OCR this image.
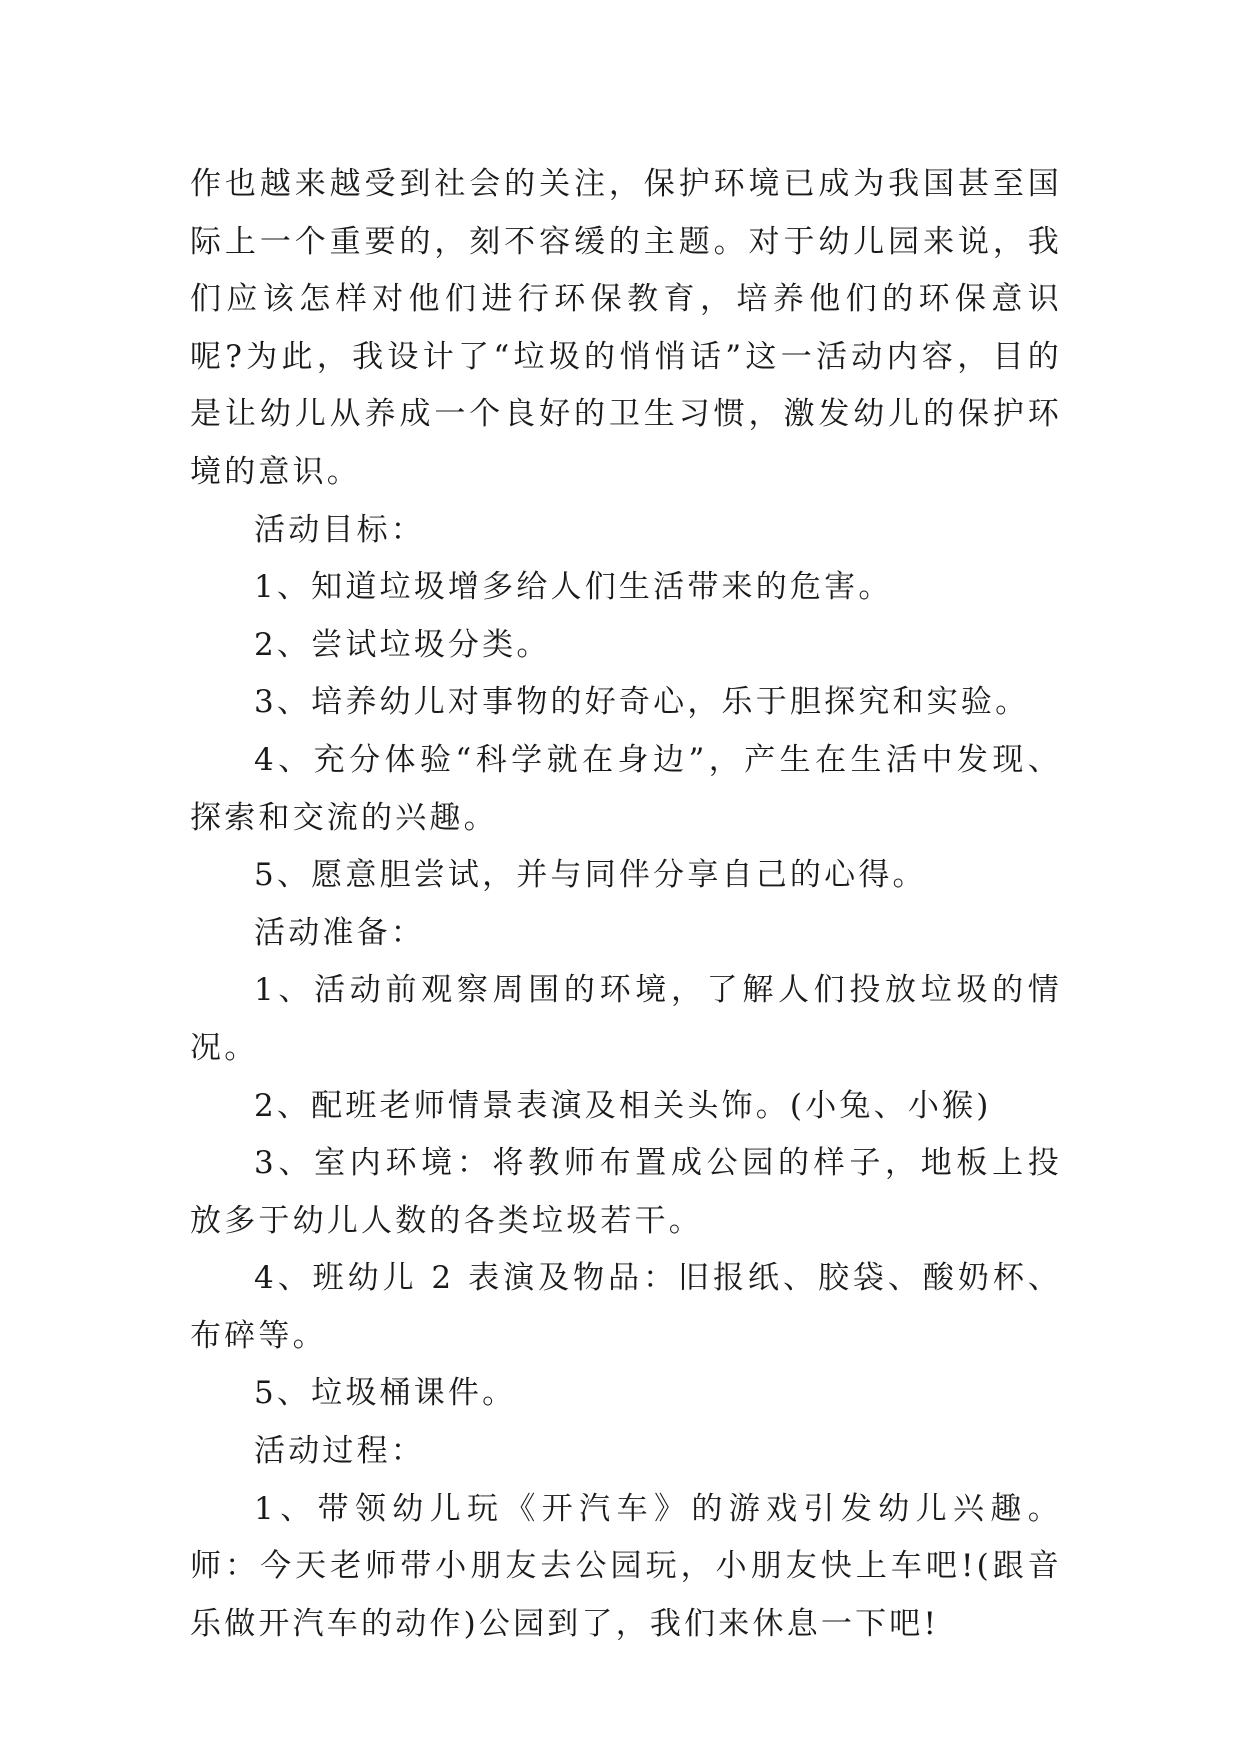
作也越来越受到社会的关注，保护环境已成为我国甚至国际上一个重要的，刻不容缓的主题。对于幼儿园来说，我们应该怎样对他们进行环保教育，培养他们的环保意识呢?为此，我设计了“垃圾的悄悄话”这一活动内容，目的是让幼儿从养成一个良好的卫生习惯，激发幼儿的保护环境的意识。

活动目标：

1、知道垃圾增多给人们生活带来的危害。

2、尝试垃圾分类。

3、培养幼儿对事物的好奇心，乐于胆探究和实验。

4、充分体验“科学就在身边”，产生在生活中发现、探索和交流的兴趣。

5、愿意胆尝试，并与同伴分享自己的心得。

活动准备：

1、活动前观察周围的环境，了解人们投放垃圾的情况。

2、配班老师情景表演及相关头饰。(小兔、小猴)

3、室内环境：将教师布置成公园的样子，地板上投放多于幼儿人数的各类垃圾若干。

4、班幼儿 2 表演及物品：旧报纸、胶袋、酸奶杯、布碎等。

5、垃圾桶课件。

活动过程：

1、带领幼儿玩《开汽车》的游戏引发幼儿兴趣。师：今天老师带小朋友去公园玩，小朋友快上车吧!(跟音乐做开汽车的动作)公园到了，我们来休息一下吧!
